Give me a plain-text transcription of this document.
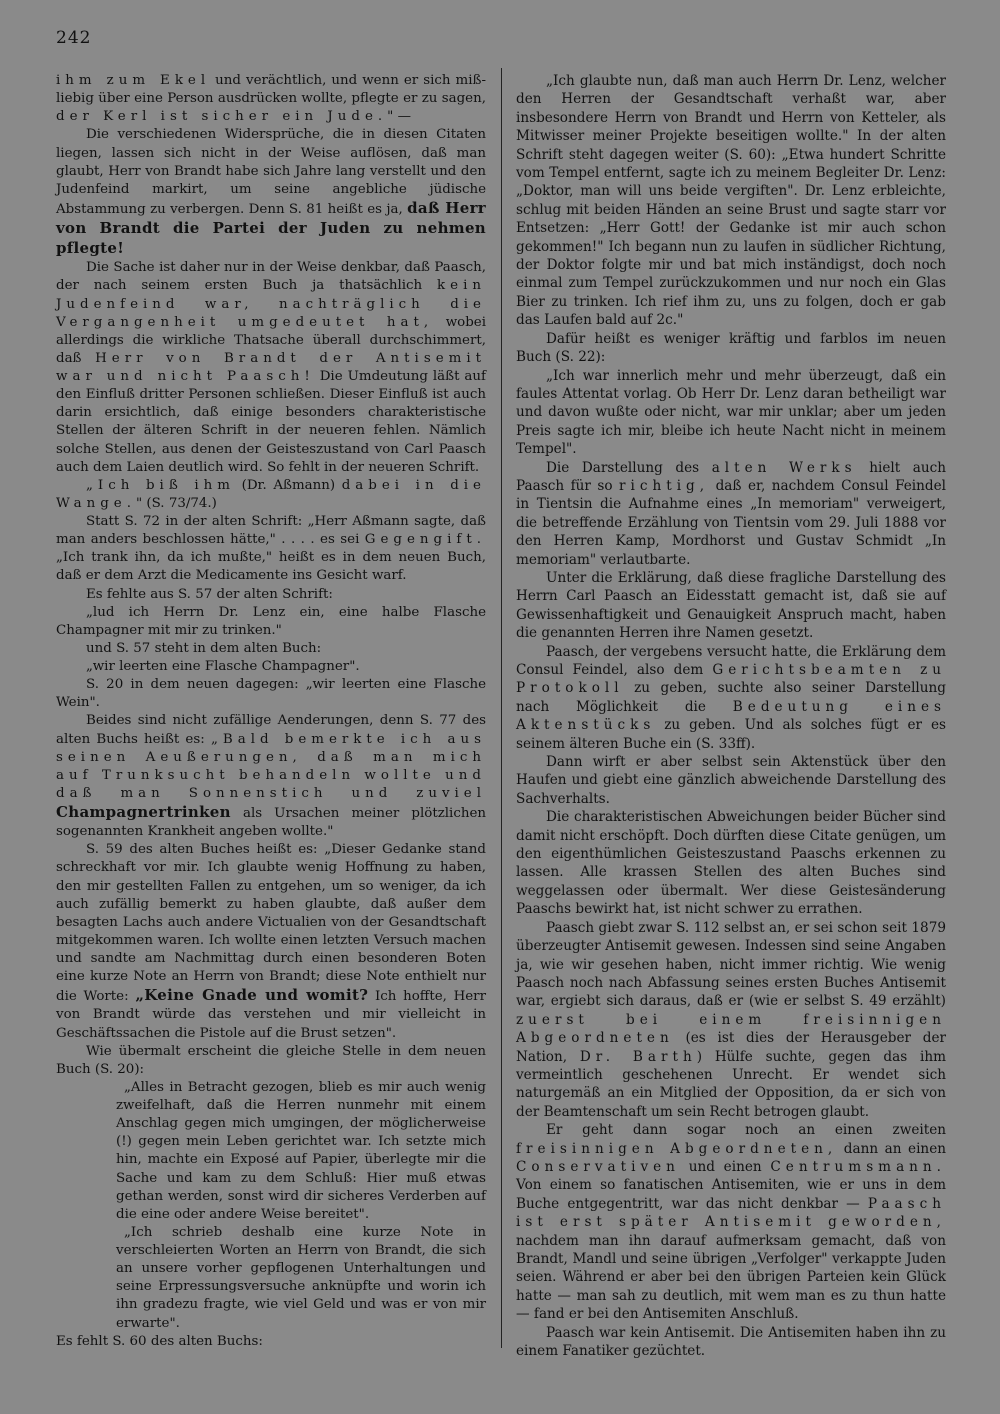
242

ihm zum Ekel und verächtlich, und wenn er sich miß-liebig über eine Person ausdrücken wollte, pflegte er zu sagen, der Kerl ist sicher ein Jude." —

Die verschiedenen Widersprüche, die in diesen Citaten liegen, lassen sich nicht in der Weise auflösen, daß man glaubt, Herr von Brandt habe sich Jahre lang verstellt und den Judenfeind markirt, um seine angebliche jüdische Abstammung zu verbergen. Denn S. 81 heißt es ja, daß Herr von Brandt die Partei der Juden zu nehmen pflegte!

Die Sache ist daher nur in der Weise denkbar, daß Paasch, der nach seinem ersten Buch ja thatsächlich kein Judenfeind war, nachträglich die Vergangenheit umgedeutet hat, wobei allerdings die wirkliche Thatsache überall durchschimmert, daß Herr von Brandt der Antisemit war und nicht Paasch! Die Umdeutung läßt auf den Einfluß dritter Personen schließen. Dieser Einfluß ist auch darin ersichtlich, daß einige besonders charakteristische Stellen der älteren Schrift in der neueren fehlen. Nämlich solche Stellen, aus denen der Geisteszustand von Carl Paasch auch dem Laien deutlich wird. So fehlt in der neueren Schrift.

„Ich biß ihm (Dr. Aßmann) dabei in die Wange." (S. 73/74.)

Statt S. 72 in der alten Schrift: „Herr Aßmann sagte, daß man anders beschlossen hätte," . . . . es sei Gegengift. „Ich trank ihn, da ich mußte," heißt es in dem neuen Buch, daß er dem Arzt die Medicamente ins Gesicht warf.

Es fehlte aus S. 57 der alten Schrift:

„lud ich Herrn Dr. Lenz ein, eine halbe Flasche Champagner mit mir zu trinken."

und S. 57 steht in dem alten Buch:

„wir leerten eine Flasche Champagner".

S. 20 in dem neuen dagegen: „wir leerten eine Flasche Wein".

Beides sind nicht zufällige Aenderungen, denn S. 77 des alten Buchs heißt es: „Bald bemerkte ich aus seinen Aeußerungen, daß man mich auf Trunksucht behandeln wollte und daß man Sonnenstich und zuviel Champagnertrinken als Ursachen meiner plötzlichen sogenannten Krankheit angeben wollte."

S. 59 des alten Buches heißt es: „Dieser Gedanke stand schreckhaft vor mir. Ich glaubte wenig Hoffnung zu haben, den mir gestellten Fallen zu entgehen, um so weniger, da ich auch zufällig bemerkt zu haben glaubte, daß außer dem besagten Lachs auch andere Victualien von der Gesandtschaft mitgekommen waren. Ich wollte einen letzten Versuch machen und sandte am Nachmittag durch einen besonderen Boten eine kurze Note an Herrn von Brandt; diese Note enthielt nur die Worte: „Keine Gnade und womit? Ich hoffte, Herr von Brandt würde das verstehen und mir vielleicht in Geschäftssachen die Pistole auf die Brust setzen".

Wie übermalt erscheint die gleiche Stelle in dem neuen Buch (S. 20):

„Alles in Betracht gezogen, blieb es mir auch wenig zweifelhaft, daß die Herren nunmehr mit einem Anschlag gegen mich umgingen, der möglicherweise (!) gegen mein Leben gerichtet war. Ich setzte mich hin, machte ein Exposé auf Papier, überlegte mir die Sache und kam zu dem Schluß: Hier muß etwas gethan werden, sonst wird dir sicheres Verderben auf die eine oder andere Weise bereitet".

„Ich schrieb deshalb eine kurze Note in verschleierten Worten an Herrn von Brandt, die sich an unsere vorher gepflogenen Unterhaltungen und seine Erpressungsversuche anknüpfte und worin ich ihn gradezu fragte, wie viel Geld und was er von mir erwarte".

Es fehlt S. 60 des alten Buchs:

„Ich glaubte nun, daß man auch Herrn Dr. Lenz, welcher den Herren der Gesandtschaft verhaßt war, aber insbesondere Herrn von Brandt und Herrn von Ketteler, als Mitwisser meiner Projekte beseitigen wollte." In der alten Schrift steht dagegen weiter (S. 60): „Etwa hundert Schritte vom Tempel entfernt, sagte ich zu meinem Begleiter Dr. Lenz: „Doktor, man will uns beide vergiften". Dr. Lenz erbleichte, schlug mit beiden Händen an seine Brust und sagte starr vor Entsetzen: „Herr Gott! der Gedanke ist mir auch schon gekommen!" Ich begann nun zu laufen in südlicher Richtung, der Doktor folgte mir und bat mich inständigst, doch noch einmal zum Tempel zurückzukommen und nur noch ein Glas Bier zu trinken. Ich rief ihm zu, uns zu folgen, doch er gab das Laufen bald auf 2c."

Dafür heißt es weniger kräftig und farblos im neuen Buch (S. 22):

„Ich war innerlich mehr und mehr überzeugt, daß ein faules Attentat vorlag. Ob Herr Dr. Lenz daran betheiligt war und davon wußte oder nicht, war mir unklar; aber um jeden Preis sagte ich mir, bleibe ich heute Nacht nicht in meinem Tempel".

Die Darstellung des alten Werks hielt auch Paasch für so richtig, daß er, nachdem Consul Feindel in Tientsin die Aufnahme eines „In memoriam" verweigert, die betreffende Erzählung von Tientsin vom 29. Juli 1888 vor den Herren Kamp, Mordhorst und Gustav Schmidt „In memoriam" verlautbarte.

Unter die Erklärung, daß diese fragliche Darstellung des Herrn Carl Paasch an Eidesstatt gemacht ist, daß sie auf Gewissenhaftigkeit und Genauigkeit Anspruch macht, haben die genannten Herren ihre Namen gesetzt.

Paasch, der vergebens versucht hatte, die Erklärung dem Consul Feindel, also dem Gerichtsbeamten zu Protokoll zu geben, suchte also seiner Darstellung nach Möglichkeit die Bedeutung eines Aktenstücks zu geben. Und als solches fügt er es seinem älteren Buche ein (S. 33ff).

Dann wirft er aber selbst sein Aktenstück über den Haufen und giebt eine gänzlich abweichende Darstellung des Sachverhalts.

Die charakteristischen Abweichungen beider Bücher sind damit nicht erschöpft. Doch dürften diese Citate genügen, um den eigenthümlichen Geisteszustand Paaschs erkennen zu lassen. Alle krassen Stellen des alten Buches sind weggelassen oder übermalt. Wer diese Geistesänderung Paaschs bewirkt hat, ist nicht schwer zu errathen.

Paasch giebt zwar S. 112 selbst an, er sei schon seit 1879 überzeugter Antisemit gewesen. Indessen sind seine Angaben ja, wie wir gesehen haben, nicht immer richtig. Wie wenig Paasch noch nach Abfassung seines ersten Buches Antisemit war, ergiebt sich daraus, daß er (wie er selbst S. 49 erzählt) zuerst bei einem freisinnigen Abgeordneten (es ist dies der Herausgeber der Nation, Dr. Barth) Hülfe suchte, gegen das ihm vermeintlich geschehenen Unrecht. Er wendet sich naturgemäß an ein Mitglied der Opposition, da er sich von der Beamtenschaft um sein Recht betrogen glaubt.

Er geht dann sogar noch an einen zweiten freisinnigen Abgeordneten, dann an einen Conservativen und einen Centrumsmann. Von einem so fanatischen Antisemiten, wie er uns in dem Buche entgegentritt, war das nicht denkbar — Paasch ist erst später Antisemit geworden, nachdem man ihn darauf aufmerksam gemacht, daß von Brandt, Mandl und seine übrigen „Verfolger" verkappte Juden seien. Während er aber bei den übrigen Parteien kein Glück hatte — man sah zu deutlich, mit wem man es zu thun hatte — fand er bei den Antisemiten Anschluß.

Paasch war kein Antisemit. Die Antisemiten haben ihn zu einem Fanatiker gezüchtet.
